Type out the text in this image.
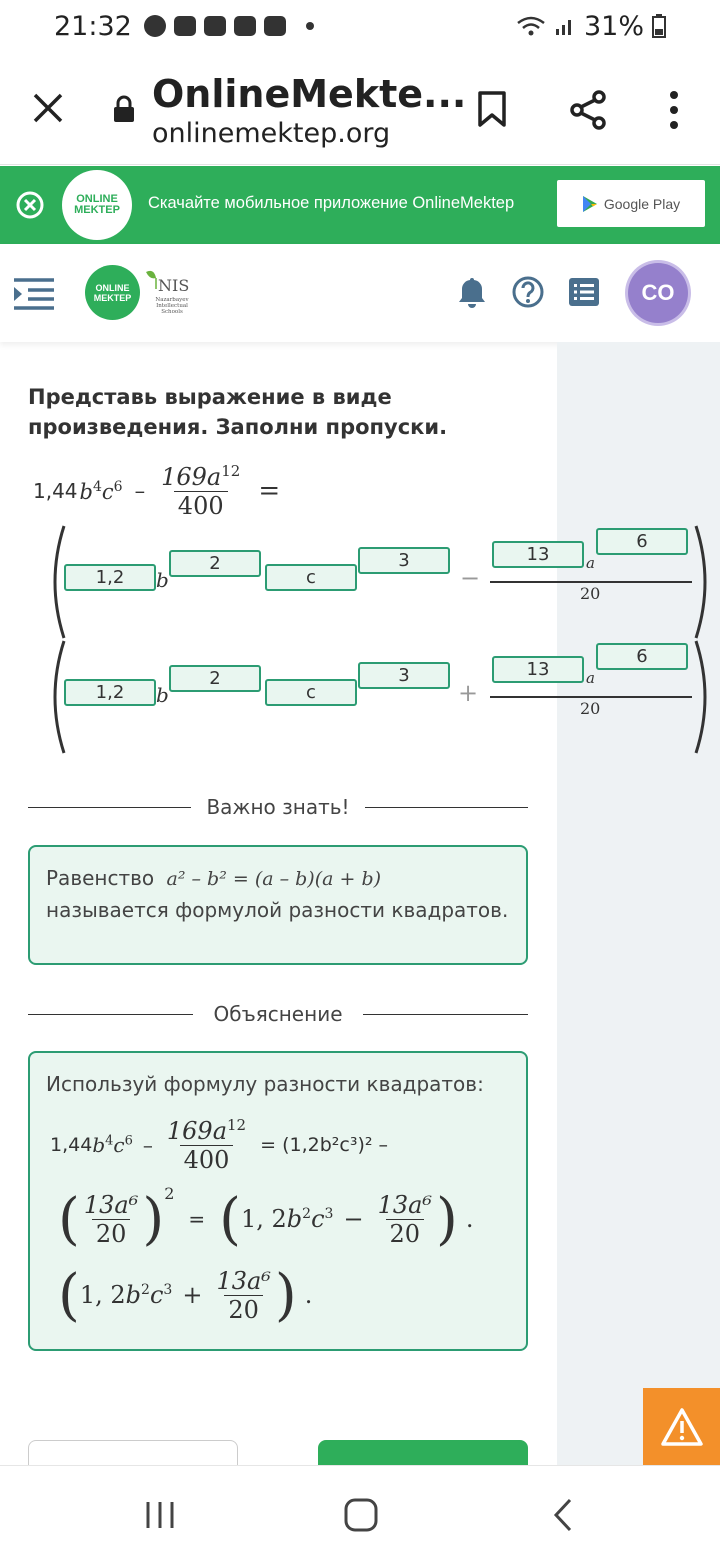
21:32	31%
OnlineMekte...
onlinemektep.org
ONLINE
MEKTEP Скачайте мобильное приложение OnlineMektep	Google Play
ONLINE
MEKTEP
NIS
Nazarbayev
Intellectual
Schools
CO
Представь выражение в виде произведения. Заполни пропуски.
1,44 $b^4c^6 - \frac{169a^{12}}{400}$ =
1,2	b
2
c
3
−
13	a
6
20
1,2	b
2
c
3
+
13	a
6
20
Важно знать!
Равенство a² – b² = (a – b)(a + b) называется формулой разности квадратов.
Объяснение
Используй формулу разности квадратов:
1,44 $b^4c^6 - \frac{169a^{12}}{400} = (1,2b^2c^3)^2$ –
( $\frac{\text{13a⁶}}{20} )^2$
= ( 1, $2b^2c^3 - \frac{\text{13a⁶}}{20}$ ) .
( 1, $2b^2c^3 + \frac{\text{13a⁶}}{20}$ ) .
